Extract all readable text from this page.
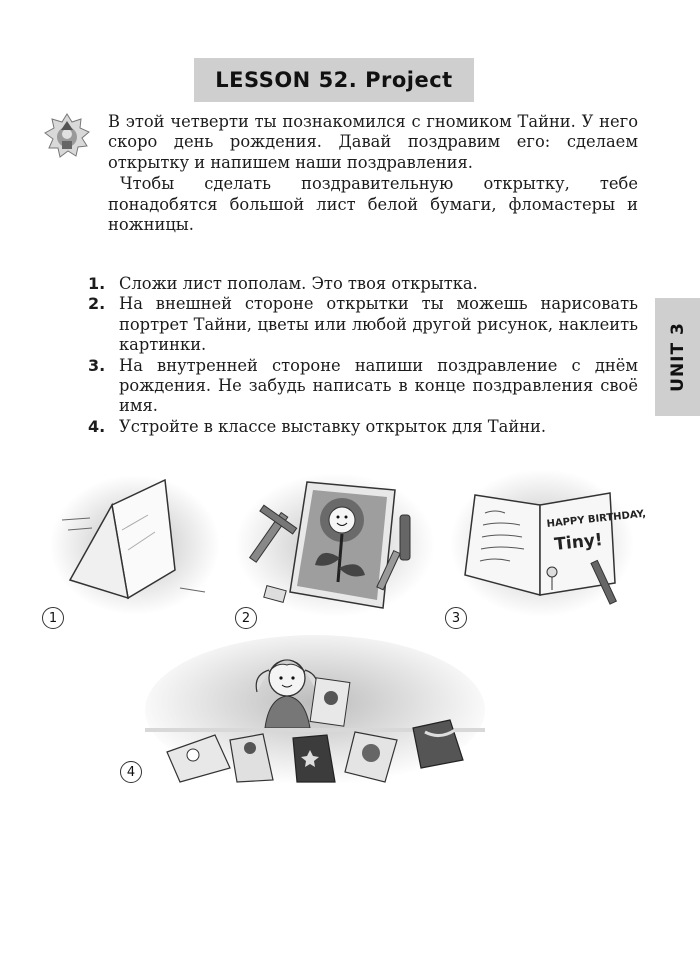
LESSON 52. Project

В этой четверти ты познакомился с гномиком Тайни. У него скоро день рождения. Давай поздравим его: сделаем открытку и напишем наши поздравления.

Чтобы сделать поздравительную открытку, тебе понадобятся большой лист белой бумаги, фломастеры и ножницы.

1. Сложи лист пополам. Это твоя открытка.
2. На внешней стороне открытки ты можешь нарисовать портрет Тайни, цветы или любой другой рисунок, наклеить картинки.
3. На внутренней стороне напиши поздравление с днём рождения. Не забудь написать в конце поздравления своё имя.
4. Устройте в классе выставку открыток для Тайни.
UNIT 3
HAPPY BIRTHDAY,
Tiny!
1	2	3
4
